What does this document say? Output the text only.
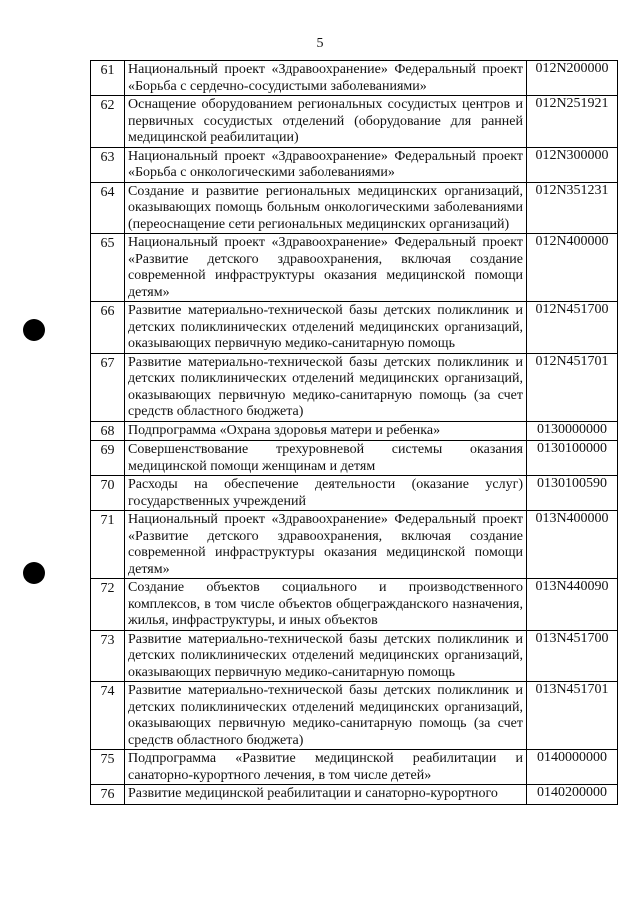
5
61	Национальный проект «Здравоохранение» Федеральный проект «Борьба с сердечно-сосудистыми заболеваниями»	012N200000
62	Оснащение оборудованием региональных сосудистых центров и первичных сосудистых отделений (оборудование для ранней медицинской реабилитации)	012N251921
63	Национальный проект «Здравоохранение» Федеральный проект «Борьба с онкологическими заболеваниями»	012N300000
64	Создание и развитие региональных медицинских организаций, оказывающих помощь больным онкологическими заболеваниями (переоснащение сети региональных медицинских организаций)	012N351231
65	Национальный проект «Здравоохранение» Федеральный проект «Развитие детского здравоохранения, включая создание современной инфраструктуры оказания медицинской помощи детям»	012N400000
66	Развитие материально-технической базы детских поликлиник и детских поликлинических отделений медицинских организаций, оказывающих первичную медико-санитарную помощь	012N451700
67	Развитие материально-технической базы детских поликлиник и детских поликлинических отделений медицинских организаций, оказывающих первичную медико-санитарную помощь (за счет средств областного бюджета)	012N451701
68	Подпрограмма «Охрана здоровья матери и ребенка»	0130000000
69	Совершенствование трехуровневой системы оказания медицинской помощи женщинам и детям	0130100000
70	Расходы на обеспечение деятельности (оказание услуг) государственных учреждений	0130100590
71	Национальный проект «Здравоохранение» Федеральный проект «Развитие детского здравоохранения, включая создание современной инфраструктуры оказания медицинской помощи детям»	013N400000
72	Создание объектов социального и производственного комплексов, в том числе объектов общегражданского назначения, жилья, инфраструктуры, и иных объектов	013N440090
73	Развитие материально-технической базы детских поликлиник и детских поликлинических отделений медицинских организаций, оказывающих первичную медико-санитарную помощь	013N451700
74	Развитие материально-технической базы детских поликлиник и детских поликлинических отделений медицинских организаций, оказывающих первичную медико-санитарную помощь (за счет средств областного бюджета)	013N451701
75	Подпрограмма «Развитие медицинской реабилитации и санаторно-курортного лечения, в том числе детей»	0140000000
76	Развитие медицинской реабилитации и санаторно-курортного	0140200000
